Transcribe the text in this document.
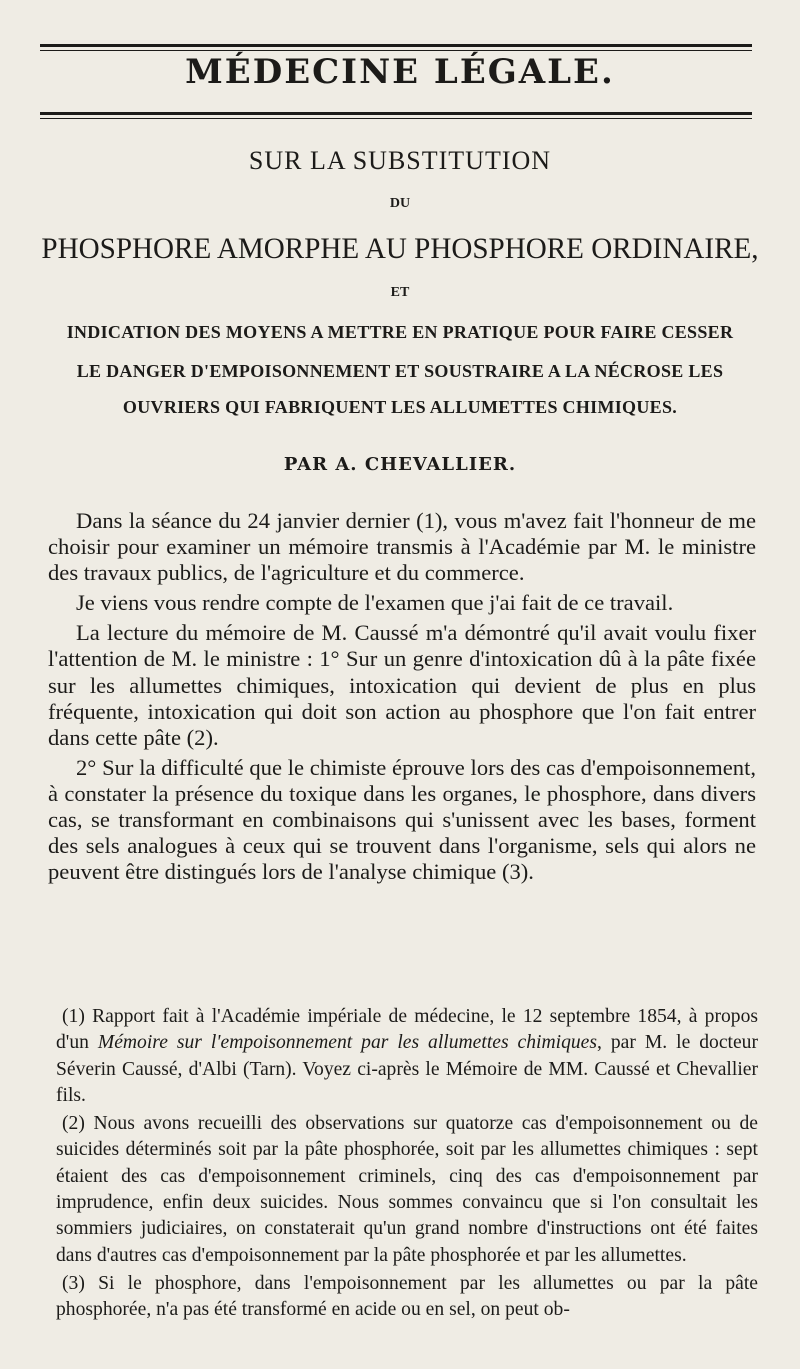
MÉDECINE LÉGALE.
SUR LA SUBSTITUTION
DU
PHOSPHORE AMORPHE AU PHOSPHORE ORDINAIRE,
ET
INDICATION DES MOYENS A METTRE EN PRATIQUE POUR FAIRE CESSER
LE DANGER D'EMPOISONNEMENT ET SOUSTRAIRE A LA NÉCROSE LES
OUVRIERS QUI FABRIQUENT LES ALLUMETTES CHIMIQUES.
PAR A. CHEVALLIER.

Dans la séance du 24 janvier dernier (1), vous m'avez fait l'honneur de me choisir pour examiner un mémoire transmis à l'Académie par M. le ministre des travaux publics, de l'agriculture et du commerce.

Je viens vous rendre compte de l'examen que j'ai fait de ce travail.

La lecture du mémoire de M. Caussé m'a démontré qu'il avait voulu fixer l'attention de M. le ministre : 1° Sur un genre d'intoxication dû à la pâte fixée sur les allumettes chimiques, intoxication qui devient de plus en plus fréquente, intoxication qui doit son action au phosphore que l'on fait entrer dans cette pâte (2).

2° Sur la difficulté que le chimiste éprouve lors des cas d'empoisonnement, à constater la présence du toxique dans les organes, le phosphore, dans divers cas, se transformant en combinaisons qui s'unissent avec les bases, forment des sels analogues à ceux qui se trouvent dans l'organisme, sels qui alors ne peuvent être distingués lors de l'analyse chimique (3).

(1) Rapport fait à l'Académie impériale de médecine, le 12 septembre 1854, à propos d'un Mémoire sur l'empoisonnement par les allumettes chimiques, par M. le docteur Séverin Caussé, d'Albi (Tarn). Voyez ci-après le Mémoire de MM. Caussé et Chevallier fils.

(2) Nous avons recueilli des observations sur quatorze cas d'empoisonnement ou de suicides déterminés soit par la pâte phosphorée, soit par les allumettes chimiques : sept étaient des cas d'empoisonnement criminels, cinq des cas d'empoisonnement par imprudence, enfin deux suicides. Nous sommes convaincu que si l'on consultait les sommiers judiciaires, on constaterait qu'un grand nombre d'instructions ont été faites dans d'autres cas d'empoisonnement par la pâte phosphorée et par les allumettes.

(3) Si le phosphore, dans l'empoisonnement par les allumettes ou par la pâte phosphorée, n'a pas été transformé en acide ou en sel, on peut ob-
